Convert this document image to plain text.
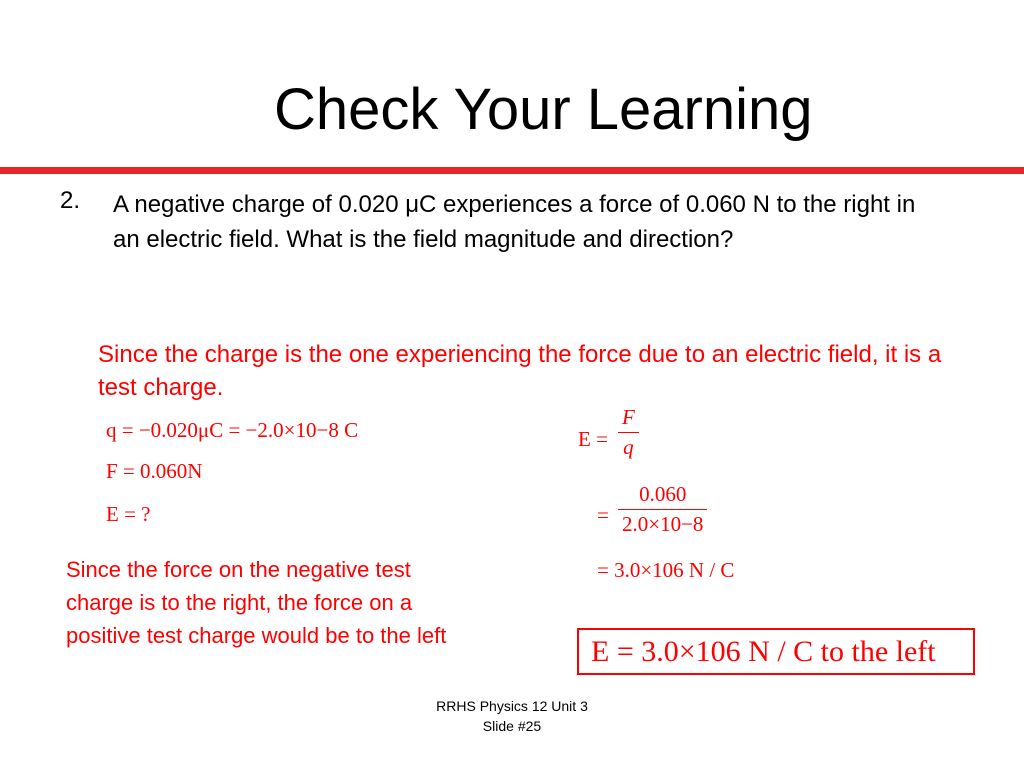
Check Your Learning
2. A negative charge of 0.020 μC experiences a force of 0.060 N to the right in an electric field. What is the field magnitude and direction?
Since the charge is the one experiencing the force due to an electric field, it is a test charge.
q = −0.020μC = −2.0×10−8 C
F = 0.060N
E = ?
E =
F
q
=
0.060
2.0×10−8
= 3.0×106 N / C
Since the force on the negative test charge is to the right, the force on a positive test charge would be to the left	E = 3.0×106 N / C to the left
RRHS Physics 12 Unit 3
Slide #25
